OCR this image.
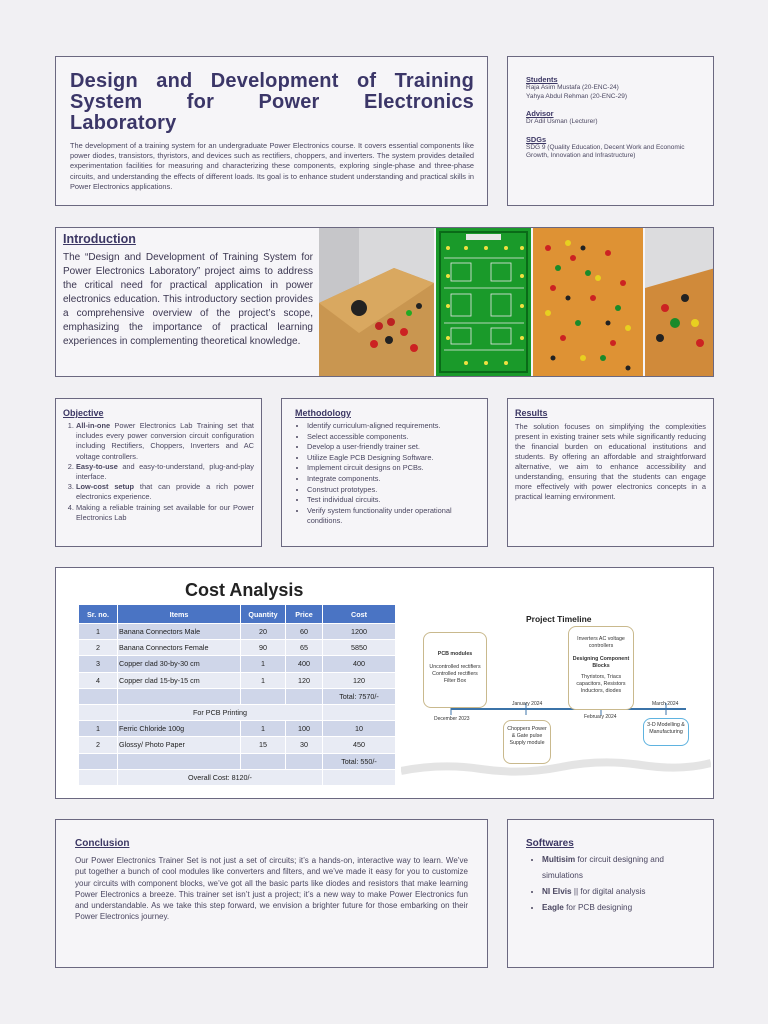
Design and Development of Training
System for Power Electronics
Laboratory
The development of a training system for an undergraduate Power Electronics course. It covers essential components like power diodes, transistors, thyristors, and devices such as rectifiers, choppers, and inverters. The system provides detailed experimentation facilities for measuring and characterizing these components, exploring single-phase and three-phase circuits, and understanding the effects of different loads. Its goal is to enhance student understanding and practical skills in Power Electronics applications.
Students
Raja Asim Mustafa (20-ENC-24)
Yahya Abdul Rehman (20-ENC-29)
Advisor
Dr Adil Usman (Lecturer)
SDGs
SDG 9 (Quality Education, Decent Work and Economic Growth, Innovation and Infrastructure)
Introduction
The “Design and Development of Training System for Power Electronics Laboratory” project aims to address the critical need for practical application in power electronics education. This introductory section provides a comprehensive overview of the project’s scope, emphasizing the importance of practical learning experiences in complementing theoretical knowledge.
Objective
1. All-in-one Power Electronics Lab Training set that includes every power conversion circuit configuration including Rectifiers, Choppers, Inverters and AC voltage controllers.
2. Easy-to-use and easy-to-understand, plug-and-play interface.
3. Low-cost setup that can provide a rich power electronics experience.
4. Making a reliable training set available for our Power Electronics Lab
Methodology
• Identify curriculum-aligned requirements.
• Select accessible components.
• Develop a user-friendly trainer set.
• Utilize Eagle PCB Designing Software.
• Implement circuit designs on PCBs.
• Integrate components.
• Construct prototypes.
• Test individual circuits.
• Verify system functionality under operational conditions.
Results
The solution focuses on simplifying the complexities present in existing trainer sets while significantly reducing the financial burden on educational institutions and students. By offering an affordable and straightforward alternative, we aim to enhance accessibility and understanding, ensuring that the students can engage more effectively with power electronics concepts in a practical learning environment.
Cost Analysis
Sr. no.	Items	Quantity	Price	Cost
1	Banana Connectors Male	20	60	1200
2	Banana Connectors Female	90	65	5850
3	Copper clad 30-by-30 cm	1	400	400
4	Copper clad 15-by-15 cm	1	120	120
				Total: 7570/-
	For PCB Printing			
1	Ferric Chloride 100g	1	100	10
2	Glossy/ Photo Paper	15	30	450
				Total: 550/-
	Overall Cost: 8120/-			
Project Timeline
December 2023
January 2024
February 2024
March 2024
PCB modules
Uncontrolled rectifiers Controlled rectifiers Filter Box
Inverters AC voltage controllers
Designing Component Blocks
Thyristors, Triacs capacitors, Resistors Inductors, diodes
Choppers Power & Gate pulse Supply module
3-D Modelling & Manufacturing
Conclusion
Our Power Electronics Trainer Set is not just a set of circuits; it’s a hands-on, interactive way to learn. We’ve put together a bunch of cool modules like converters and filters, and we’ve made it easy for you to customize your circuits with component blocks, we’ve got all the basic parts like diodes and resistors that make learning Power Electronics a breeze. This trainer set isn’t just a project; it’s a new way to make Power Electronics fun and understandable. As we take this step forward, we envision a brighter future for those embarking on their Power Electronics journey.
Softwares
• Multisim for circuit designing and simulations
• NI Elvis || for digital analysis
• Eagle for PCB designing
